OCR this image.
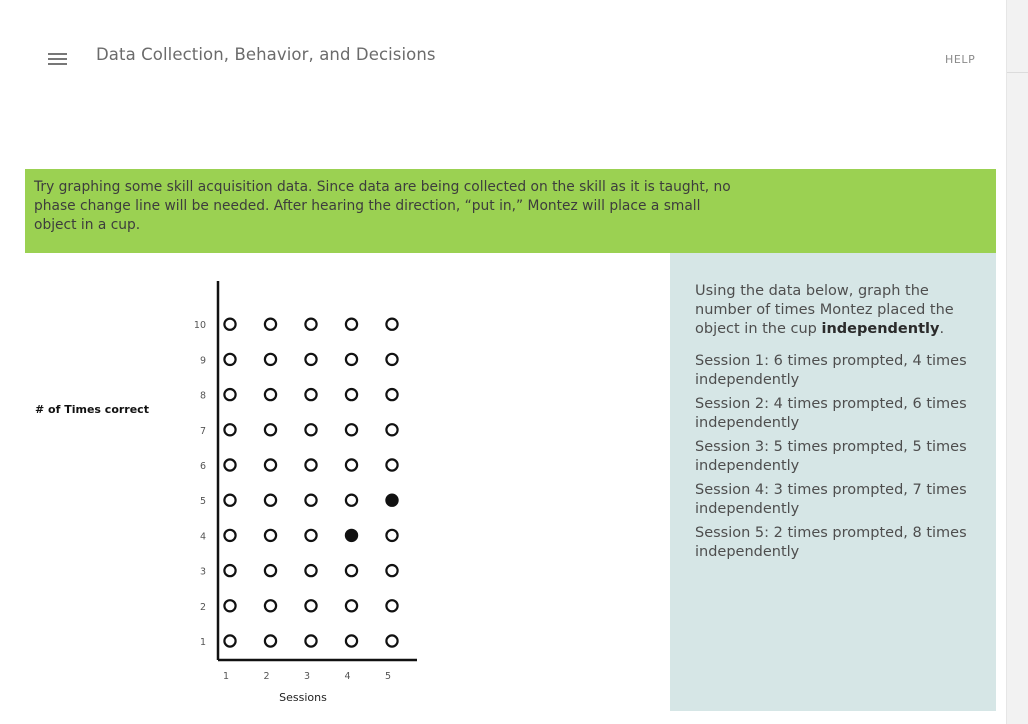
Data Collection, Behavior, and Decisions	HELP
Try graphing some skill acquisition data. Since data are being collected on the skill as it is taught, no phase change line will be needed. After hearing the direction, “put in,” Montez will place a small object in a cup.
1
2
3
4
5
6
7
8
9
10
1	2	3	4	5
# of Times correct
Sessions

Using the data below, graph the number of times Montez placed the object in the cup independently.

Session 1: 6 times prompted, 4 times independently

Session 2: 4 times prompted, 6 times independently

Session 3: 5 times prompted, 5 times independently

Session 4: 3 times prompted, 7 times independently

Session 5: 2 times prompted, 8 times independently
